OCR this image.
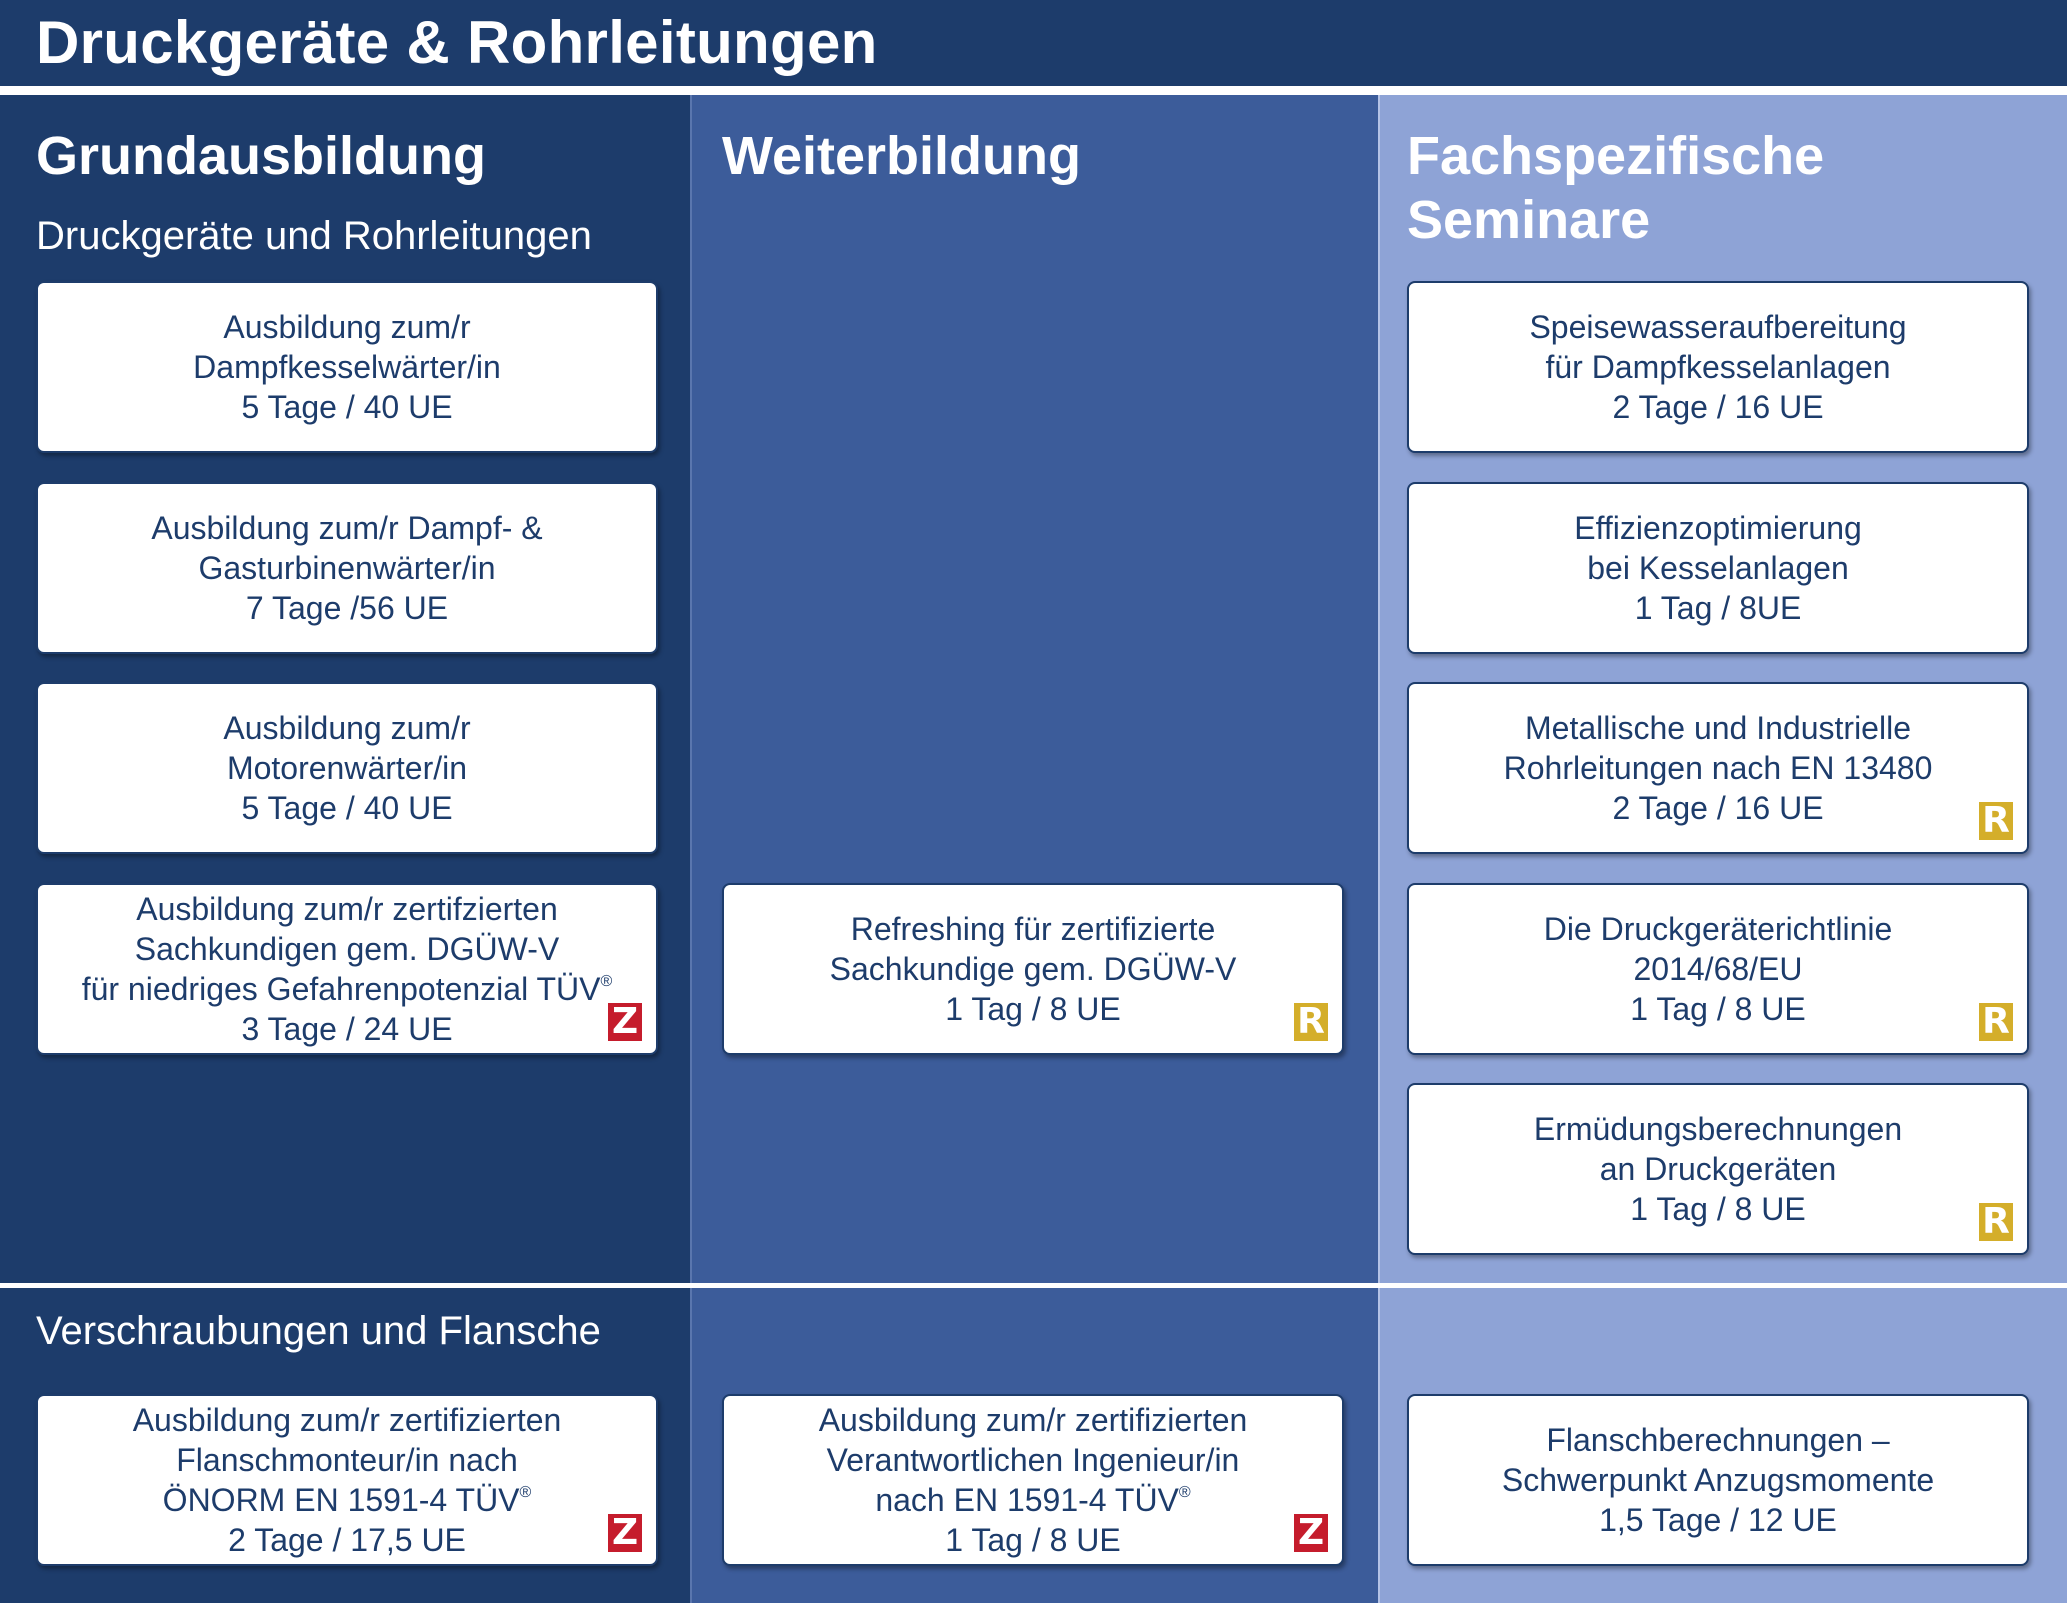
Druckgeräte & Rohrleitungen
Grundausbildung
Druckgeräte und Rohrleitungen
Weiterbildung	Fachspezifische
Seminare
Verschraubungen und Flansche
Ausbildung zum/r
Dampfkesselwärter/in
5 Tage / 40 UE
Ausbildung zum/r Dampf- &
Gasturbinenwärter/in
7 Tage /56 UE
Ausbildung zum/r
Motorenwärter/in
5 Tage / 40 UE
Ausbildung zum/r zertifzierten
Sachkundigen gem. DGÜW-V
für niedriges Gefahrenpotenzial TÜV®
3 Tage / 24 UE	Z
Ausbildung zum/r zertifizierten
Flanschmonteur/in nach
ÖNORM EN 1591-4 TÜV®
2 Tage / 17,5 UE	Z
Refreshing für zertifizierte
Sachkundige gem. DGÜW-V
1 Tag / 8 UE	R
Ausbildung zum/r zertifizierten
Verantwortlichen Ingenieur/in
nach EN 1591-4 TÜV®
1 Tag / 8 UE	Z
Speisewasseraufbereitung
für Dampfkesselanlagen
2 Tage / 16 UE
Effizienzoptimierung
bei Kesselanlagen
1 Tag / 8UE
Metallische und Industrielle
Rohrleitungen nach EN 13480
2 Tage / 16 UE	R
Die Druckgeräterichtlinie
2014/68/EU
1 Tag / 8 UE	R
Ermüdungsberechnungen
an Druckgeräten
1 Tag / 8 UE	R
Flanschberechnungen –
Schwerpunkt Anzugsmomente
1,5 Tage / 12 UE
